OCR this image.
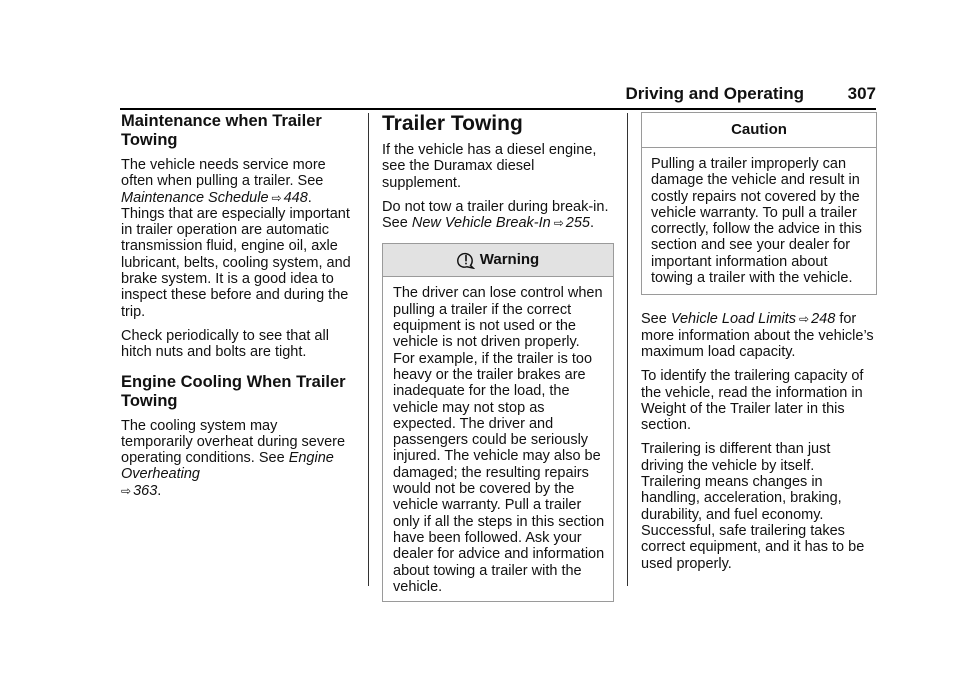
Driving and Operating	307
Maintenance when Trailer Towing

The vehicle needs service more often when pulling a trailer. See
Maintenance Schedule ⇨ 448.
Things that are especially important in trailer operation are automatic transmission fluid, engine oil, axle lubricant, belts, cooling system, and brake system. It is a good idea to inspect these before and during the trip.

Check periodically to see that all hitch nuts and bolts are tight.

Engine Cooling When Trailer Towing

The cooling system may temporarily overheat during severe operating conditions. See Engine Overheating
⇨ 363.

Trailer Towing

If the vehicle has a diesel engine, see the Duramax diesel supplement.

Do not tow a trailer during break-in. See New Vehicle Break-In ⇨ 255.

Warning
The driver can lose control when pulling a trailer if the correct equipment is not used or the vehicle is not driven properly. For example, if the trailer is too heavy or the trailer brakes are inadequate for the load, the vehicle may not stop as expected. The driver and passengers could be seriously injured. The vehicle may also be damaged; the resulting repairs would not be covered by the vehicle warranty. Pull a trailer only if all the steps in this section have been followed. Ask your dealer for advice and information about towing a trailer with the vehicle.
Caution
Pulling a trailer improperly can damage the vehicle and result in costly repairs not covered by the vehicle warranty. To pull a trailer correctly, follow the advice in this section and see your dealer for important information about towing a trailer with the vehicle.

See Vehicle Load Limits ⇨ 248 for more information about the vehicle’s maximum load capacity.

To identify the trailering capacity of the vehicle, read the information in Weight of the Trailer later in this section.

Trailering is different than just driving the vehicle by itself. Trailering means changes in handling, acceleration, braking, durability, and fuel economy. Successful, safe trailering takes correct equipment, and it has to be used properly.
